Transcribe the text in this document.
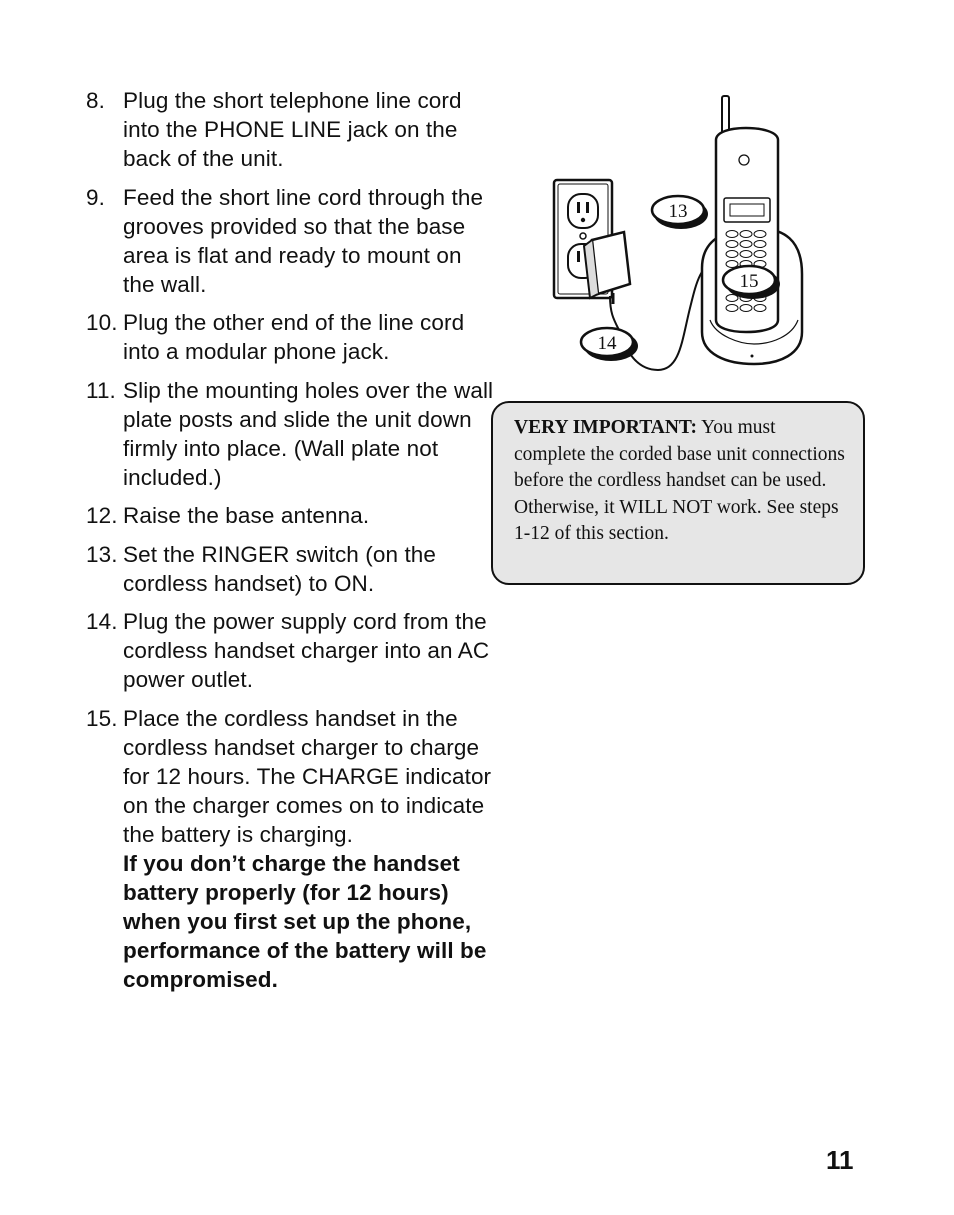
8. Plug the short telephone line cord into the PHONE LINE jack on the back of the unit.
9. Feed the short line cord through the grooves provided so that the base area is flat and ready to mount on the wall.
10. Plug the other end of the line cord into a modular phone jack.
11. Slip the mounting holes over the wall plate posts and slide the unit down firmly into place. (Wall plate not included.)
12. Raise the base antenna.
13. Set the RINGER switch (on the cordless handset) to ON.
14. Plug the power supply cord from the cordless handset charger into an AC power outlet.
15. Place the cordless handset in the cordless handset charger to charge for 12 hours. The CHARGE indicator on the charger comes on to indicate the battery is charging.
If you don’t charge the handset battery properly (for 12 hours) when you first set up the phone, performance of the battery will be compromised.
13
15
14
VERY IMPORTANT: You must complete the corded base unit connections before the cordless handset can be used. Otherwise, it WILL NOT work. See steps 1-12 of this section.
11
